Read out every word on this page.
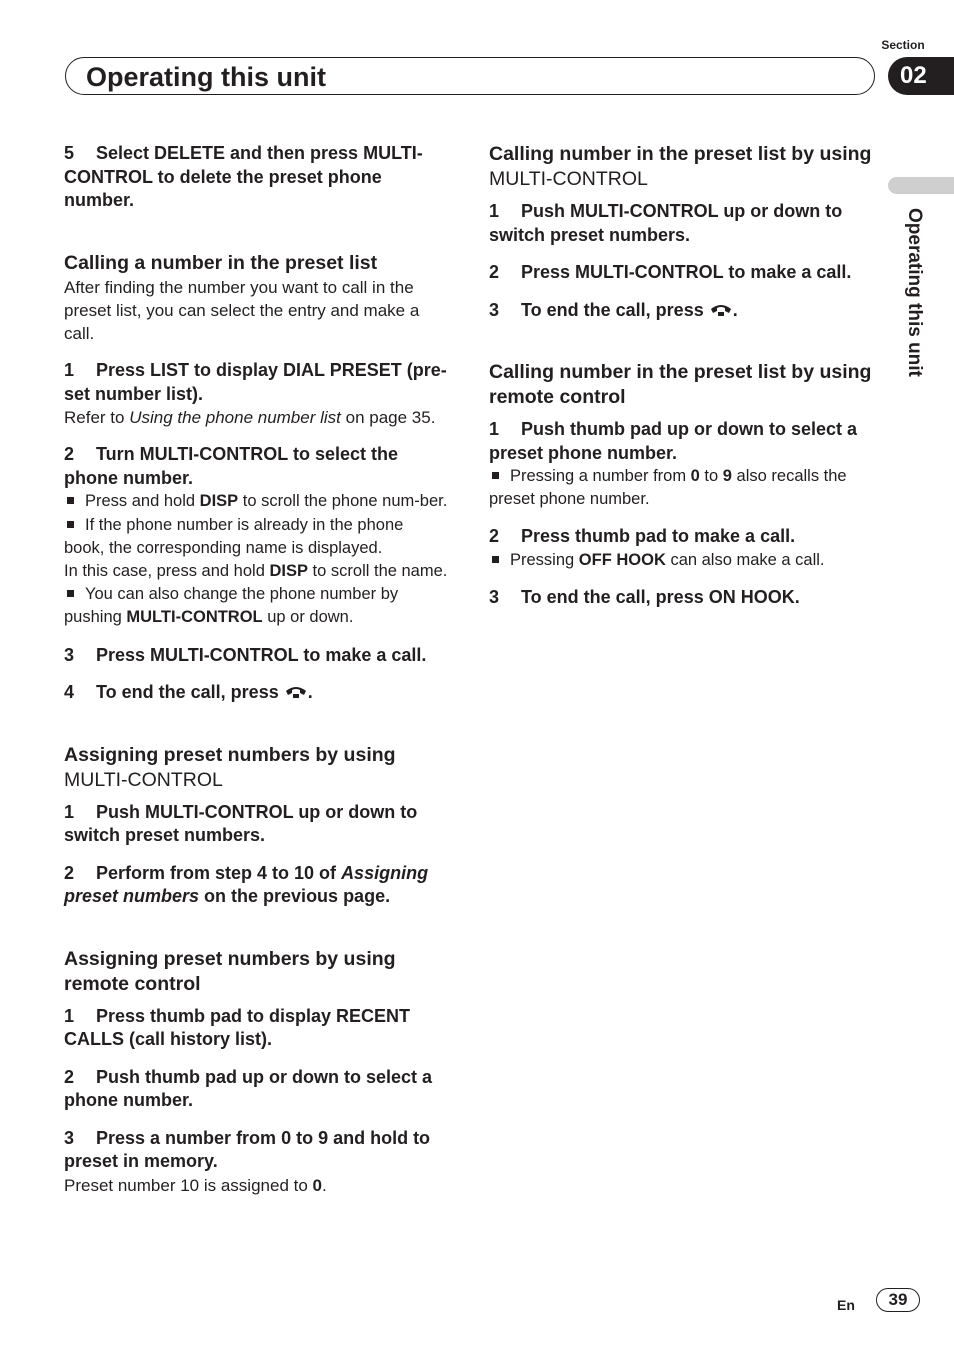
Section
Operating this unit	02
Operating this unit

5 Select DELETE and then press MULTI-CONTROL to delete the preset phone number.

Calling a number in the preset list

After finding the number you want to call in the preset list, you can select the entry and make a call.

1 Press LIST to display DIAL PRESET (pre-set number list).

Refer to Using the phone number list on page 35.

2 Turn MULTI-CONTROL to select the phone number.

Press and hold DISP to scroll the phone num-ber.

If the phone number is already in the phone book, the corresponding name is displayed.

In this case, press and hold DISP to scroll the name.

You can also change the phone number by pushing MULTI-CONTROL up or down.

3 Press MULTI-CONTROL to make a call.

4 To end the call, press .

Assigning preset numbers by using
MULTI-CONTROL

1 Push MULTI-CONTROL up or down to switch preset numbers.

2 Perform from step 4 to 10 of Assigning preset numbers on the previous page.

Assigning preset numbers by using remote control

1 Press thumb pad to display RECENT CALLS (call history list).

2 Push thumb pad up or down to select a phone number.

3 Press a number from 0 to 9 and hold to preset in memory.

Preset number 10 is assigned to 0.

Calling number in the preset list by using MULTI-CONTROL

1 Push MULTI-CONTROL up or down to switch preset numbers.

2 Press MULTI-CONTROL to make a call.

3 To end the call, press .

Calling number in the preset list by using remote control

1 Push thumb pad up or down to select a preset phone number.

Pressing a number from 0 to 9 also recalls the preset phone number.

2 Press thumb pad to make a call.

Pressing OFF HOOK can also make a call.

3 To end the call, press ON HOOK.

En	39
